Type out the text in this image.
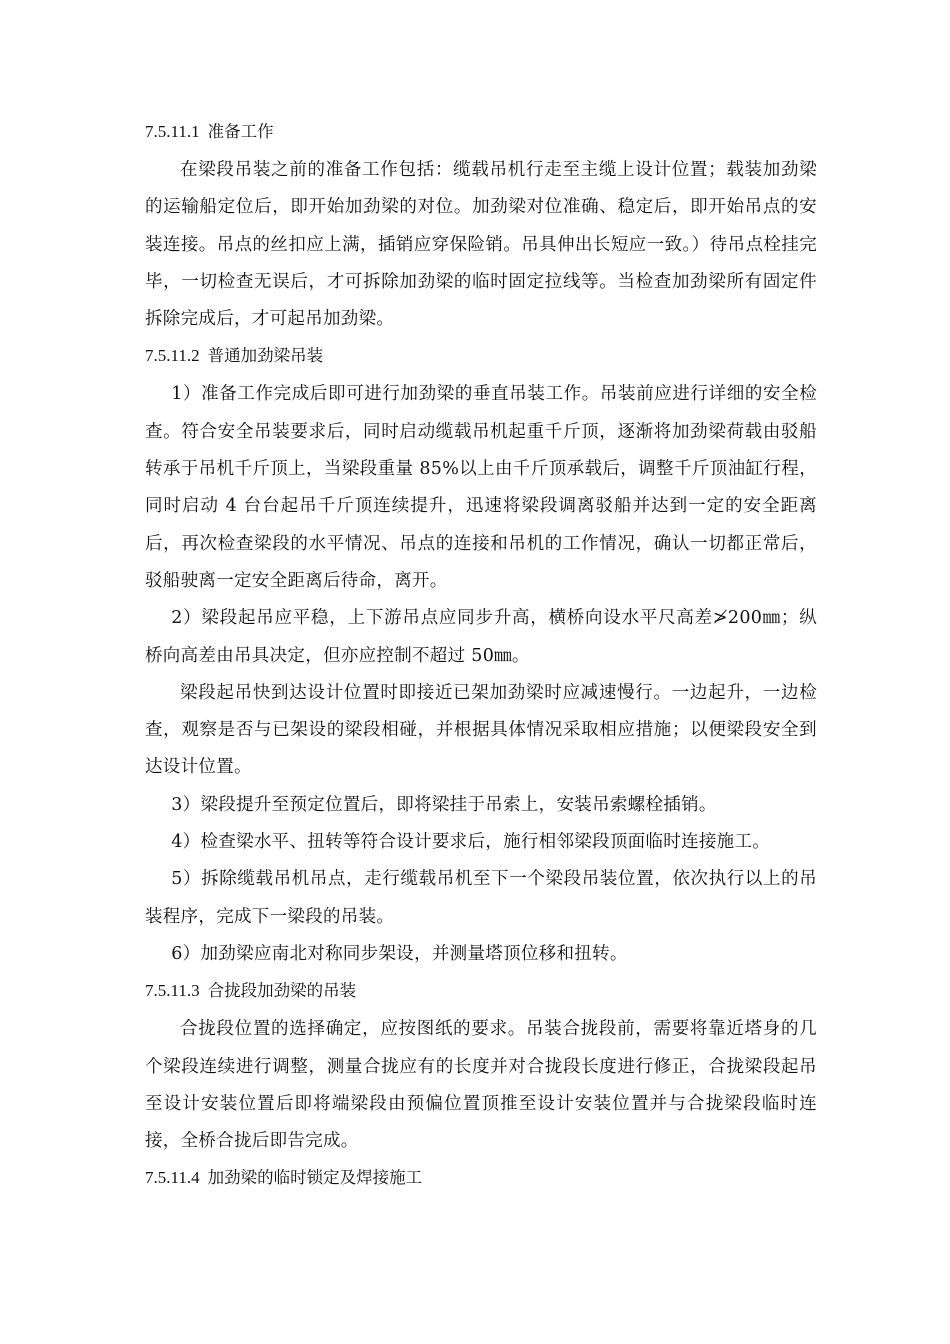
7.5.11.1 准备工作

在梁段吊装之前的准备工作包括：缆载吊机行走至主缆上设计位置；载装加劲梁的运输船定位后，即开始加劲梁的对位。加劲梁对位准确、稳定后，即开始吊点的安装连接。吊点的丝扣应上满，插销应穿保险销。吊具伸出长短应一致。）待吊点栓挂完毕，一切检查无误后，才可拆除加劲梁的临时固定拉线等。当检查加劲梁所有固定件拆除完成后，才可起吊加劲梁。

7.5.11.2 普通加劲梁吊装

1）准备工作完成后即可进行加劲梁的垂直吊装工作。吊装前应进行详细的安全检查。符合安全吊装要求后，同时启动缆载吊机起重千斤顶，逐渐将加劲梁荷载由驳船转承于吊机千斤顶上，当梁段重量 85%以上由千斤顶承载后，调整千斤顶油缸行程，同时启动 4 台台起吊千斤顶连续提升，迅速将梁段调离驳船并达到一定的安全距离后，再次检查梁段的水平情况、吊点的连接和吊机的工作情况，确认一切都正常后，驳船驶离一定安全距离后待命，离开。

2）梁段起吊应平稳，上下游吊点应同步升高，横桥向设水平尺高差≯200㎜；纵桥向高差由吊具决定，但亦应控制不超过 50㎜。

梁段起吊快到达设计位置时即接近已架加劲梁时应减速慢行。一边起升，一边检查，观察是否与已架设的梁段相碰，并根据具体情况采取相应措施；以便梁段安全到达设计位置。

3）梁段提升至预定位置后，即将梁挂于吊索上，安装吊索螺栓插销。

4）检查梁水平、扭转等符合设计要求后，施行相邻梁段顶面临时连接施工。

5）拆除缆载吊机吊点，走行缆载吊机至下一个梁段吊装位置，依次执行以上的吊装程序，完成下一梁段的吊装。

6）加劲梁应南北对称同步架设，并测量塔顶位移和扭转。

7.5.11.3 合拢段加劲梁的吊装

合拢段位置的选择确定，应按图纸的要求。吊装合拢段前，需要将靠近塔身的几个梁段连续进行调整，测量合拢应有的长度并对合拢段长度进行修正，合拢梁段起吊至设计安装位置后即将端梁段由预偏位置顶推至设计安装位置并与合拢梁段临时连接，全桥合拢后即告完成。

7.5.11.4 加劲梁的临时锁定及焊接施工
